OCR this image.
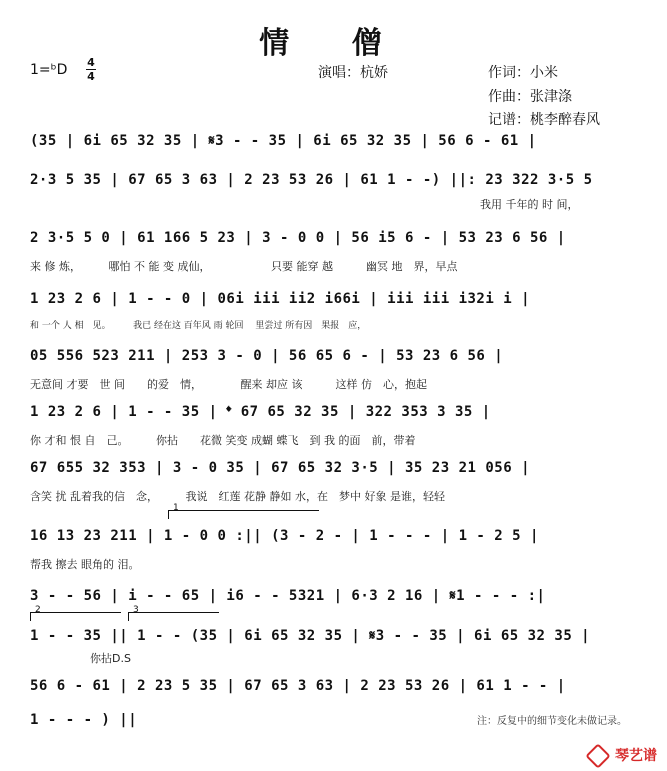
情 僧
1=ᵇD 4
4	演唱：杭娇	作词：小米
作曲：张津涤
记谱：桃李醉春风
(35 | 6i 65 32 35 | 𝄋3 - - 35 | 6i 65 32 35 | 56 6 - 61 |
2·3 5 35 | 67 65 3 63 | 2 23 53 26 | 61 1 - -) ||: 23 322 3·5 5
我用 千年的 时 间，
2 3·5 5 0 | 61 166 5 23 | 3 - 0 0 | 56 i5 6 - | 53 23 6 56 |
来 修 炼，　　　哪怕 不 能 变 成仙，　　　　　　只要 能穿 越　　　幽冥 地　界，早点
1 23 2 6 | 1 - - 0 | 06i iii ii2 i66i | iii iii i32i i |
和 一个 人 相　见。　　　我已 经在这 百年风 雨 轮回　 里尝过 所有因　果报　应，
05 556 523 211 | 253 3 - 0 | 56 65 6 - | 53 23 6 56 |
无意间 才要　世 间　　的爱　情，　　　　醒来 却应 该　　　这样 仿　心，抱起
1 23 2 6 | 1 - - 35 | 𝄌 67 65 32 35 | 322 353 3 35 |
你 才和 恨 自　己。　　　你拈　　花微 笑变 成蝴 蝶飞　到 我 的面　前，带着
67 655 32 353 | 3 - 0 35 | 67 65 32 3·5 | 35 23 21 056 |
含笑 扰 乱着我的信　念，　　　我说　红莲 花静 静如 水，在　梦中 好象 是谁，轻轻
1
16 13 23 211 | 1 - 0 0 :|| (3 - 2 - | 1 - - - | 1 - 2 5 |
帮我 擦去 眼角的 泪。
3 - - 56 | i - - 65 | i6 - - 5321 | 6·3 2 16 | 𝄋1 - - - :|
2	3
1 - - 35 || 1 - - (35 | 6i 65 32 35 | 𝄋3 - - 35 | 6i 65 32 35 |
你拈D.S
56 6 - 61 | 2 23 5 35 | 67 65 3 63 | 2 23 53 26 | 61 1 - - |
1 - - - ) ||	注：反复中的细节变化未做记录。
琴艺谱
